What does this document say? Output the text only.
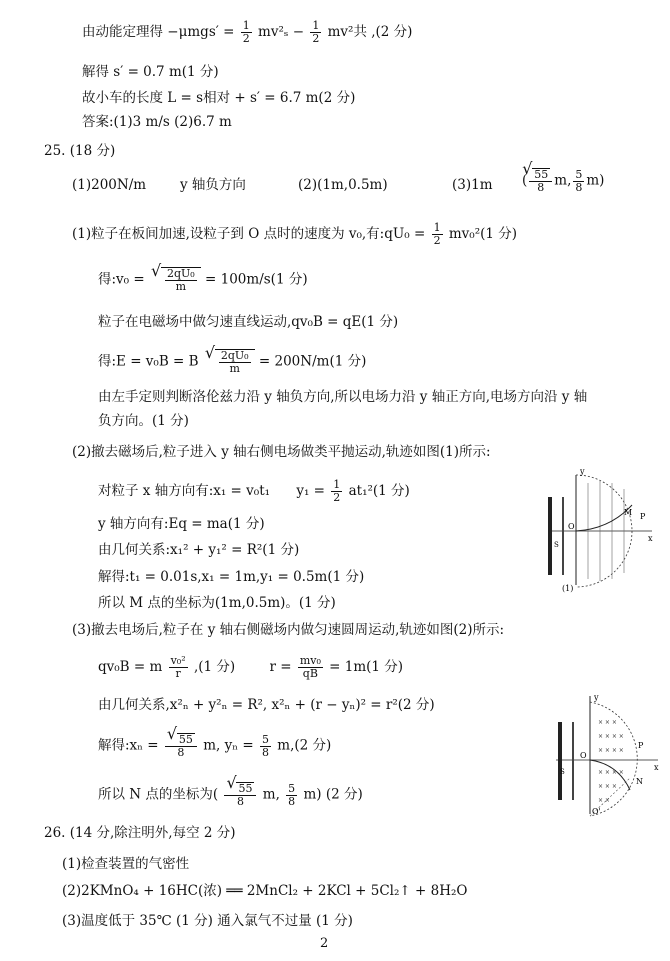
由动能定理得 $-\mu mgs' = \frac{1}{2} mv^2_s - \frac{1}{2} mv^2$共 ,(2 分)
解得 s′ = 0.7 m(1 分)
故小车的长度 L = s相对 + s′ = 6.7 m(2 分)
答案:(1)3 m/s (2)6.7 m
25. (18 分)
(1)200N/m	y 轴负方向	(2)(1m,0.5m)	(3)1m ( √ $\frac{55}{8} m$, $\frac{5}{8} m$)
(1)粒子在板间加速,设粒子到 O 点时的速度为 v₀,有:qU₀ = $\frac{1}{2} mv_0^2(1$ 分)
得:v₀ = √ $\frac{\text{2qU₀}}{m} = 100m/s(1$ 分)
粒子在电磁场中做匀速直线运动,qv₀B = qE(1 分)
得:E = v₀B = B √ $\frac{\text{2qU₀}}{m} = 200N/m(1$ 分)
由左手定则判断洛伦兹力沿 y 轴负方向,所以电场力沿 y 轴正方向,电场方向沿 y 轴
负方向。(1 分)
(2)撤去磁场后,粒子进入 y 轴右侧电场做类平抛运动,轨迹如图(1)所示:
对粒子 x 轴方向有:x₁ = v₀t₁ $y_1 = \frac{1}{2} at_1^2(1$ 分)
y 轴方向有:Eq = ma(1 分)
由几何关系:x₁² + y₁² = R²(1 分)
解得:t₁ = 0.01s,x₁ = 1m,y₁ = 0.5m(1 分)
所以 M 点的坐标为(1m,0.5m)。(1 分)
(3)撤去电场后,粒子在 y 轴右侧磁场内做匀速圆周运动,轨迹如图(2)所示:
qv₀B = m $\frac{\text{v₀²}}{r} ,(1$ 分)	$r = \frac{\text{mv₀}}{qB} = 1m(1$ 分)
由几何关系,x²ₙ + y²ₙ = R², x²ₙ + (r − yₙ)² = r²(2 分)
解得:xₙ = √ $\frac{55}{8} m$, $y_n = \frac{5}{8} m,(2$ 分)
所以 N 点的坐标为( √ $\frac{55}{8} m$, $\frac{5}{8} m$) (2 分)
26. (14 分,除注明外,每空 2 分)
(1)检查装置的气密性
(2)2KMnO₄ + 16HC(浓) ══ 2MnCl₂ + 2KCl + 5Cl₂↑ + 8H₂O
(3)温度低于 35℃ (1 分) 通入氯气不过量 (1 分)
y
O
M P
x
S
(1)
× × ×
× × × ×
× × × ×
× × × ×
× × ×
× ×
y
O
S
P
N
x
O'
2
